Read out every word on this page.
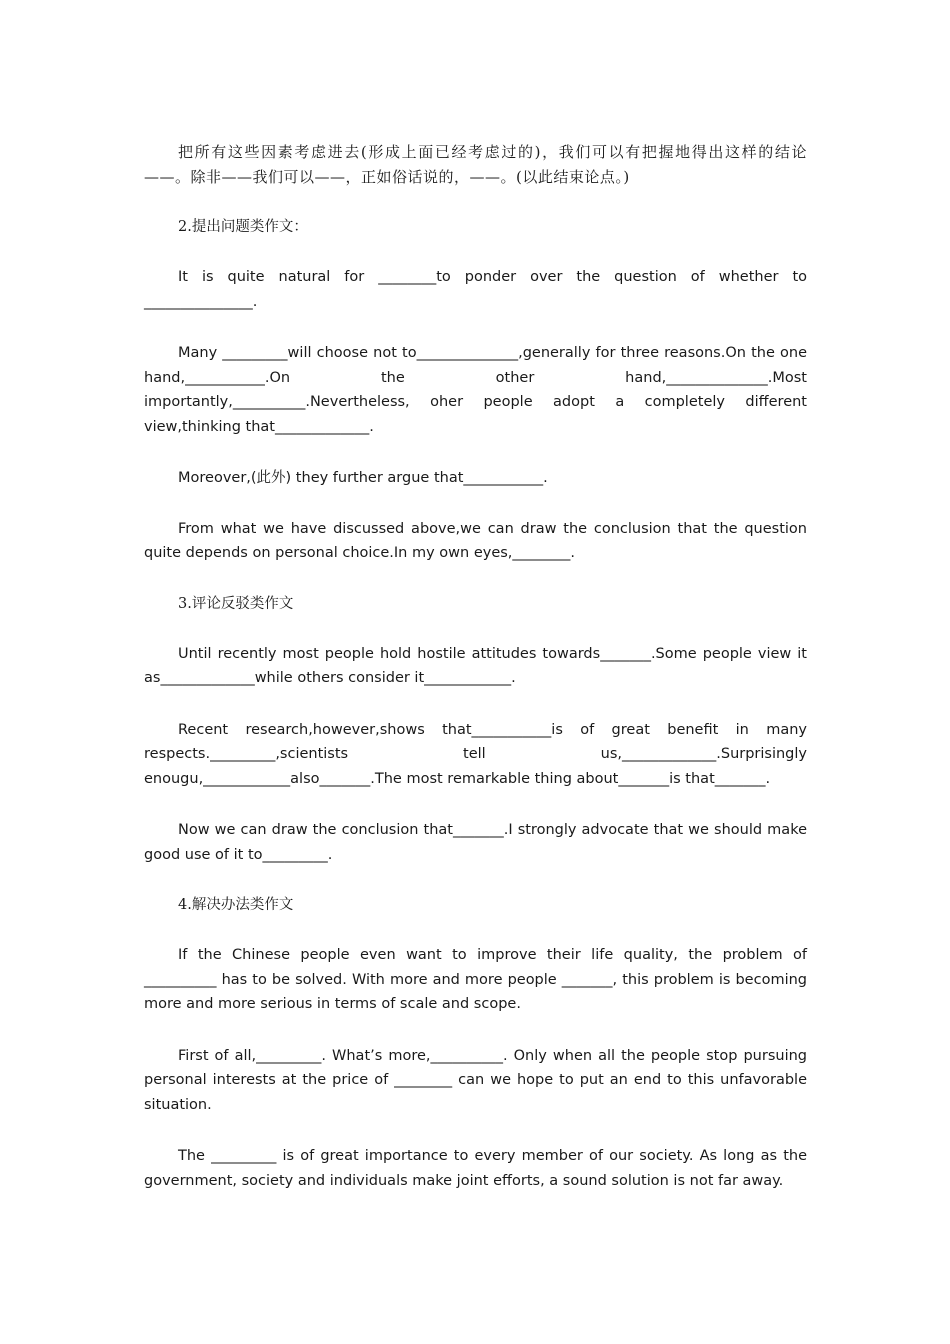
把所有这些因素考虑进去(形成上面已经考虑过的)，我们可以有把握地得出这样的结论——。除非——我们可以——，正如俗话说的，——。(以此结束论点。)

2.提出问题类作文：

It is quite natural for ________to ponder over the question of whether to _______________.

Many _________will choose not to______________,generally for three reasons.On the one hand,___________.On the other hand,______________.Most importantly,__________.Nevertheless, oher people adopt a completely different view,thinking that_____________.

Moreover,(此外) they further argue that___________.

From what we have discussed above,we can draw the conclusion that the question quite depends on personal choice.In my own eyes,________.

3.评论反驳类作文

Until recently most people hold hostile attitudes towards_______.Some people view it as_____________while others consider it____________.

Recent research,however,shows that___________is of great benefit in many respects._________,scientists tell us,_____________.Surprisingly enougu,____________also_______.The most remarkable thing about_______is that_______.

Now we can draw the conclusion that_______.I strongly advocate that we should make good use of it to_________.

4.解决办法类作文

If the Chinese people even want to improve their life quality, the problem of __________ has to be solved. With more and more people _______, this problem is becoming more and more serious in terms of scale and scope.

First of all,_________. What’s more,__________. Only when all the people stop pursuing personal interests at the price of ________ can we hope to put an end to this unfavorable situation.

The _________ is of great importance to every member of our society. As long as the government, society and individuals make joint efforts, a sound solution is not far away.
